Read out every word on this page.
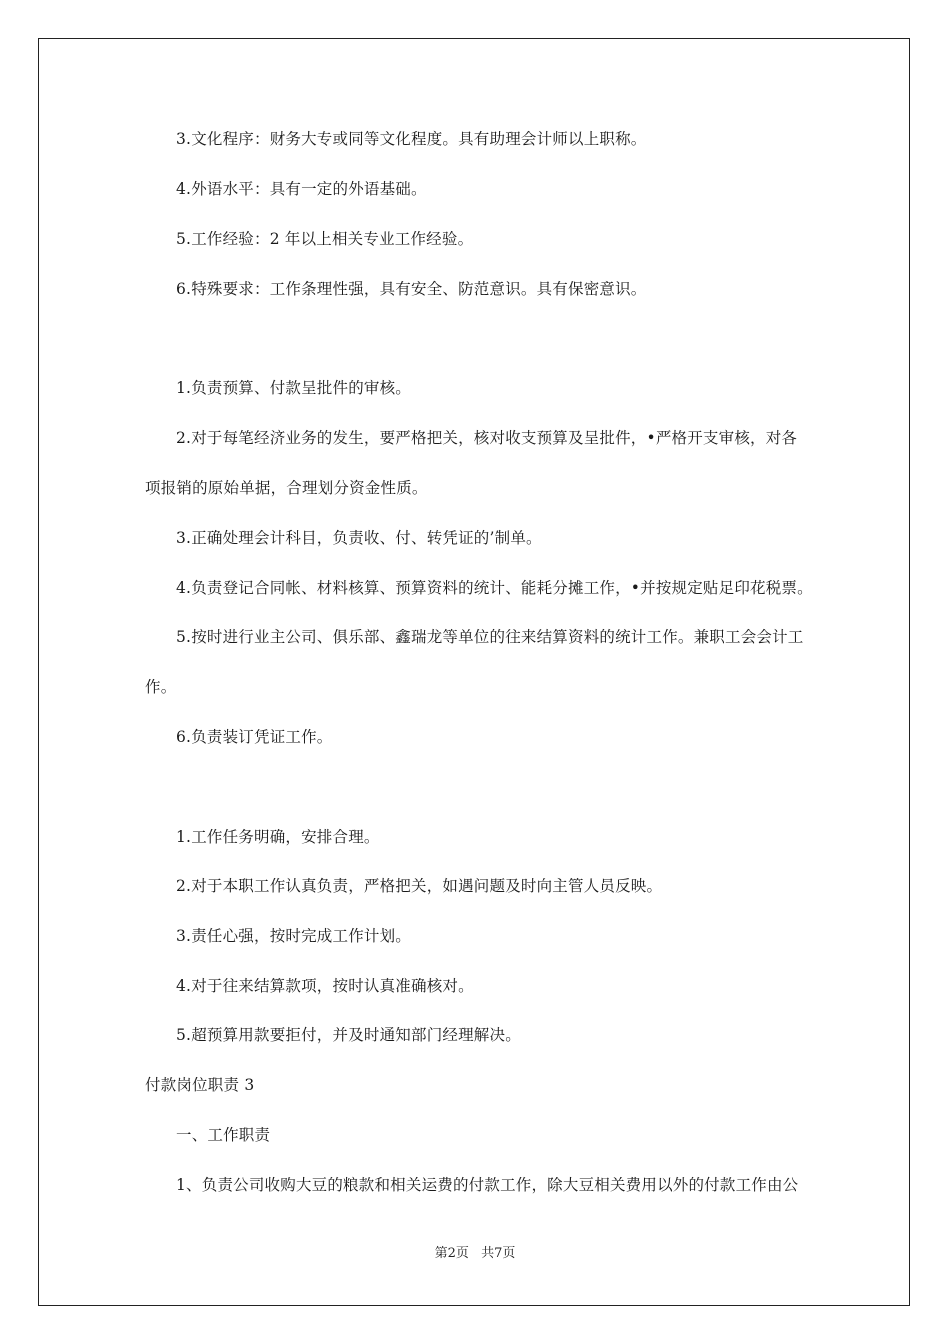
3.文化程序：财务大专或同等文化程度。具有助理会计师以上职称。
4.外语水平：具有一定的外语基础。
5.工作经验：2 年以上相关专业工作经验。
6.特殊要求：工作条理性强，具有安全、防范意识。具有保密意识。
1.负责预算、付款呈批件的审核。
2.对于每笔经济业务的发生，要严格把关，核对收支预算及呈批件，•严格开支审核，对各
项报销的原始单据，合理划分资金性质。
3.正确处理会计科目，负责收、付、转凭证的’制单。
4.负责登记合同帐、材料核算、预算资料的统计、能耗分摊工作，•并按规定贴足印花税票。
5.按时进行业主公司、俱乐部、鑫瑞龙等单位的往来结算资料的统计工作。兼职工会会计工
作。
6.负责装订凭证工作。
1.工作任务明确，安排合理。
2.对于本职工作认真负责，严格把关，如遇问题及时向主管人员反映。
3.责任心强，按时完成工作计划。
4.对于往来结算款项，按时认真准确核对。
5.超预算用款要拒付，并及时通知部门经理解决。
付款岗位职责 3
一、工作职责
1、负责公司收购大豆的粮款和相关运费的付款工作，除大豆相关费用以外的付款工作由公
第2页 共7页
